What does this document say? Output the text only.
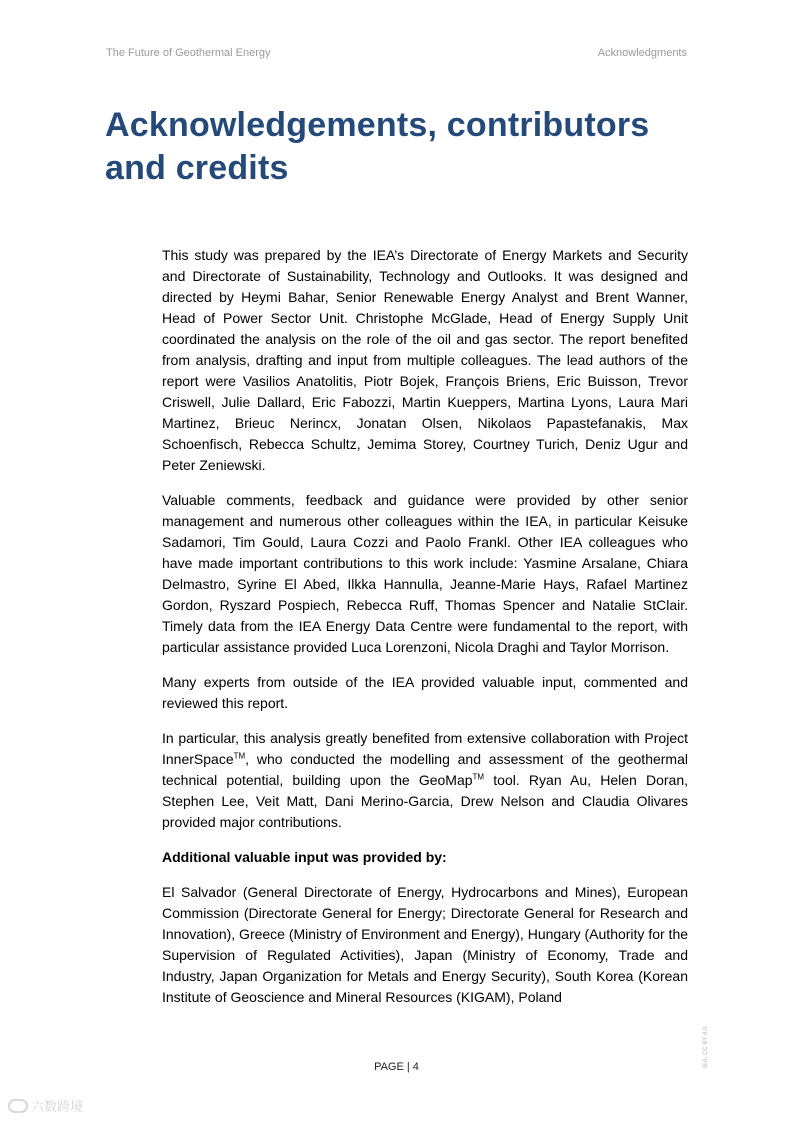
The Future of Geothermal Energy	Acknowledgments
Acknowledgements, contributors
and credits

This study was prepared by the IEA’s Directorate of Energy Markets and Security and Directorate of Sustainability, Technology and Outlooks. It was designed and directed by Heymi Bahar, Senior Renewable Energy Analyst and Brent Wanner, Head of Power Sector Unit. Christophe McGlade, Head of Energy Supply Unit coordinated the analysis on the role of the oil and gas sector. The report benefited from analysis, drafting and input from multiple colleagues. The lead authors of the report were Vasilios Anatolitis, Piotr Bojek, François Briens, Eric Buisson, Trevor Criswell, Julie Dallard, Eric Fabozzi, Martin Kueppers, Martina Lyons, Laura Mari Martinez, Brieuc Nerincx, Jonatan Olsen, Nikolaos Papastefanakis, Max Schoenfisch, Rebecca Schultz, Jemima Storey, Courtney Turich, Deniz Ugur and Peter Zeniewski.

Valuable comments, feedback and guidance were provided by other senior management and numerous other colleagues within the IEA, in particular Keisuke Sadamori, Tim Gould, Laura Cozzi and Paolo Frankl. Other IEA colleagues who have made important contributions to this work include: Yasmine Arsalane, Chiara Delmastro, Syrine El Abed, Ilkka Hannulla, Jeanne-Marie Hays, Rafael Martinez Gordon, Ryszard Pospiech, Rebecca Ruff, Thomas Spencer and Natalie StClair. Timely data from the IEA Energy Data Centre were fundamental to the report, with particular assistance provided Luca Lorenzoni, Nicola Draghi and Taylor Morrison.

Many experts from outside of the IEA provided valuable input, commented and reviewed this report.

In particular, this analysis greatly benefited from extensive collaboration with Project InnerSpace™, who conducted the modelling and assessment of the geothermal technical potential, building upon the GeoMap™ tool. Ryan Au, Helen Doran, Stephen Lee, Veit Matt, Dani Merino-Garcia, Drew Nelson and Claudia Olivares provided major contributions.

Additional valuable input was provided by:

El Salvador (General Directorate of Energy, Hydrocarbons and Mines), European Commission (Directorate General for Energy; Directorate General for Research and Innovation), Greece (Ministry of Environment and Energy), Hungary (Authority for the Supervision of Regulated Activities), Japan (Ministry of Economy, Trade and Industry, Japan Organization for Metals and Energy Security), South Korea (Korean Institute of Geoscience and Mineral Resources (KIGAM), Poland

PAGE | 4	IEA. CC BY 4.0.
六数跨境
